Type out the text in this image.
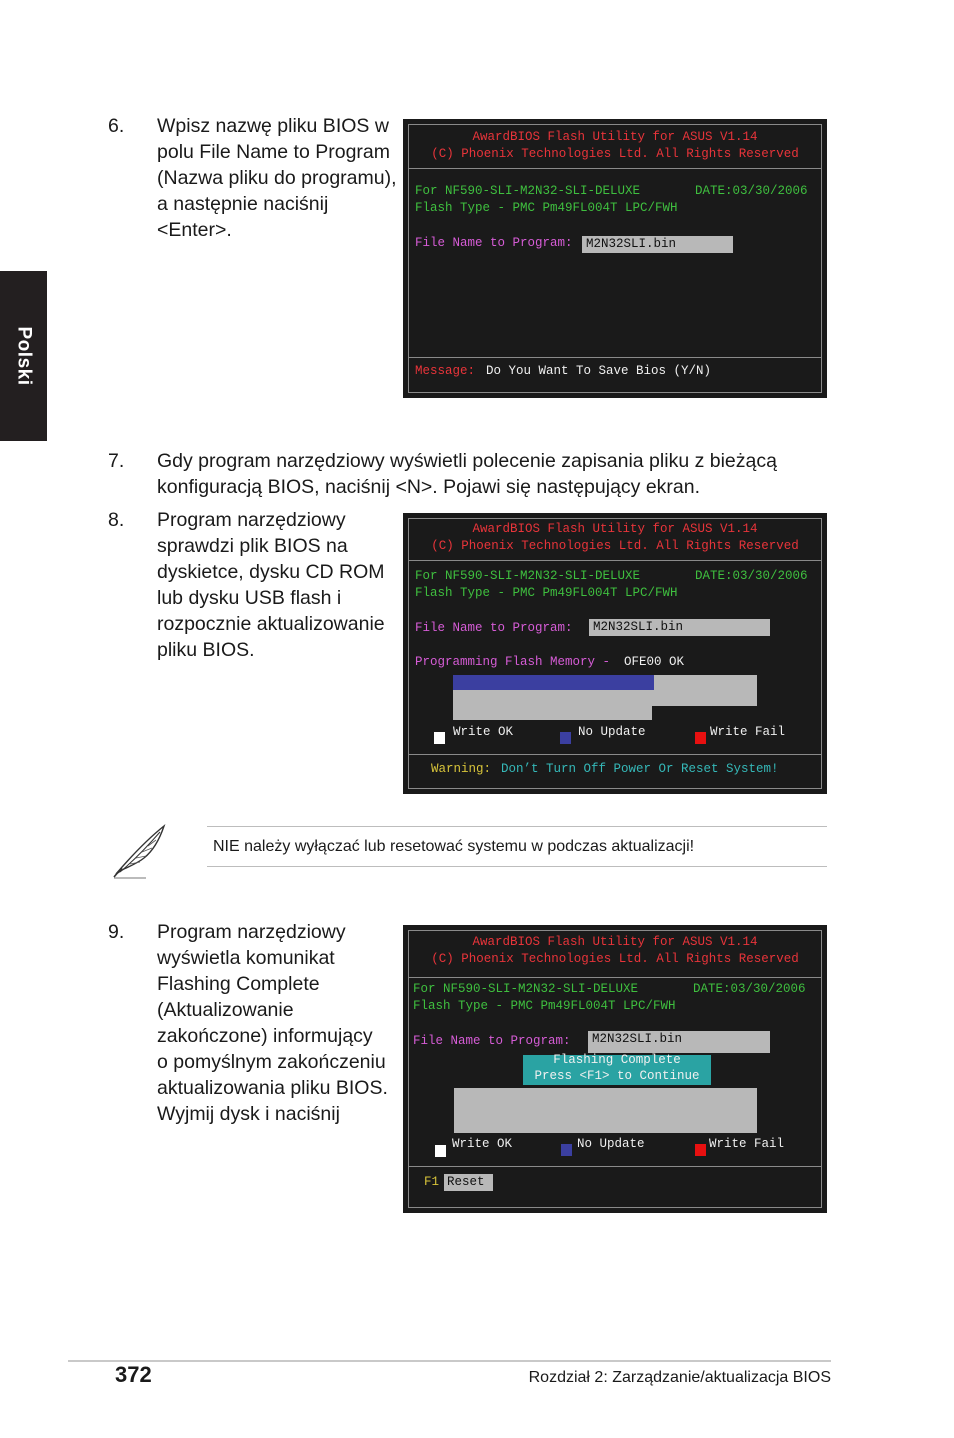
Polski
6. Wpisz nazwę pliku BIOS w
polu File Name to Program
(Nazwa pliku do programu),
a następnie naciśnij
<Enter>.
AwardBIOS Flash Utility for ASUS V1.14
(C) Phoenix Technologies Ltd. All Rights Reserved
For NF590-SLI-M2N32-SLI-DELUXE	DATE:03/30/2006
Flash Type - PMC Pm49FL004T LPC/FWH
File Name to Program:	M2N32SLI.bin
Message: Do You Want To Save Bios (Y/N)
7. Gdy program narzędziowy wyświetli polecenie zapisania pliku z bieżącą
konfiguracją BIOS, naciśnij <N>. Pojawi się następujący ekran.
8. Program narzędziowy
sprawdzi plik BIOS na
dyskietce, dysku CD ROM
lub dysku USB flash i
rozpocznie aktualizowanie
pliku BIOS.
AwardBIOS Flash Utility for ASUS V1.14
(C) Phoenix Technologies Ltd. All Rights Reserved
For NF590-SLI-M2N32-SLI-DELUXE	DATE:03/30/2006
Flash Type - PMC Pm49FL004T LPC/FWH
File Name to Program:	M2N32SLI.bin
Programming Flash Memory - OFE00 OK
Write OK	No Update	Write Fail
Warning: Don’t Turn Off Power Or Reset System!
NIE należy wyłączać lub resetować systemu w podczas aktualizacji!
9. Program narzędziowy
wyświetla komunikat
Flashing Complete
(Aktualizowanie
zakończone) informujący
o pomyślnym zakończeniu
aktualizowania pliku BIOS.
Wyjmij dysk i naciśnij
AwardBIOS Flash Utility for ASUS V1.14
(C) Phoenix Technologies Ltd. All Rights Reserved
For NF590-SLI-M2N32-SLI-DELUXE	DATE:03/30/2006
Flash Type - PMC Pm49FL004T LPC/FWH
File Name to Program:	M2N32SLI.bin
Flashing Complete
Press <F1> to Continue
Write OK	No Update	Write Fail
F1 Reset
372	Rozdział 2: Zarządzanie/aktualizacja BIOS
